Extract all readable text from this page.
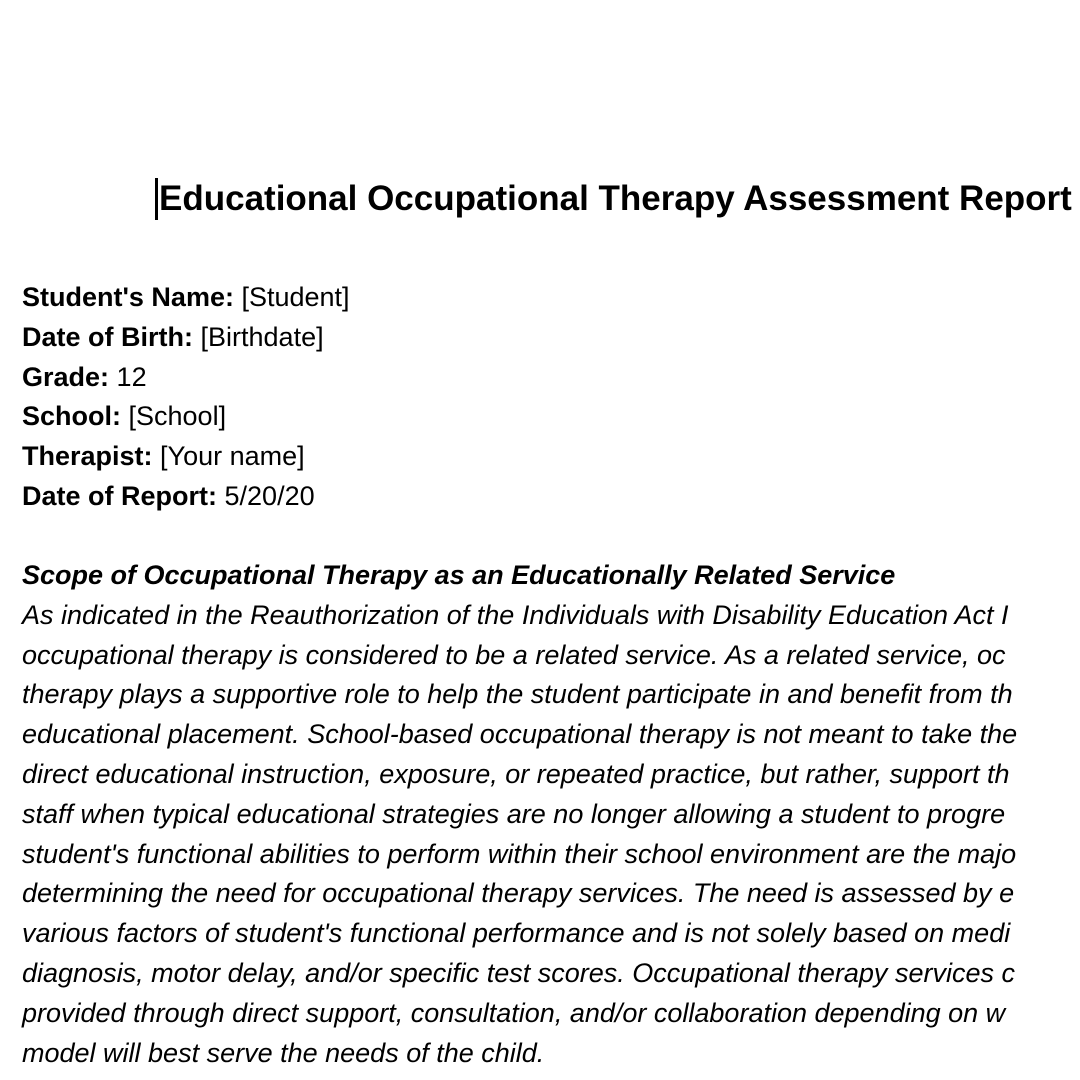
Educational Occupational Therapy Assessment Report
Student's Name: [Student]
Date of Birth: [Birthdate]
Grade: 12
School: [School]
Therapist: [Your name]
Date of Report: 5/20/20
Scope of Occupational Therapy as an Educationally Related Service
As indicated in the Reauthorization of the Individuals with Disability Education Act I
occupational therapy is considered to be a related service. As a related service, oc
therapy plays a supportive role to help the student participate in and benefit from th
educational placement. School-based occupational therapy is not meant to take the
direct educational instruction, exposure, or repeated practice, but rather, support th
staff when typical educational strategies are no longer allowing a student to progre
student's functional abilities to perform within their school environment are the majo
determining the need for occupational therapy services. The need is assessed by e
various factors of student's functional performance and is not solely based on medi
diagnosis, motor delay, and/or specific test scores. Occupational therapy services c
provided through direct support, consultation, and/or collaboration depending on w
model will best serve the needs of the child.
